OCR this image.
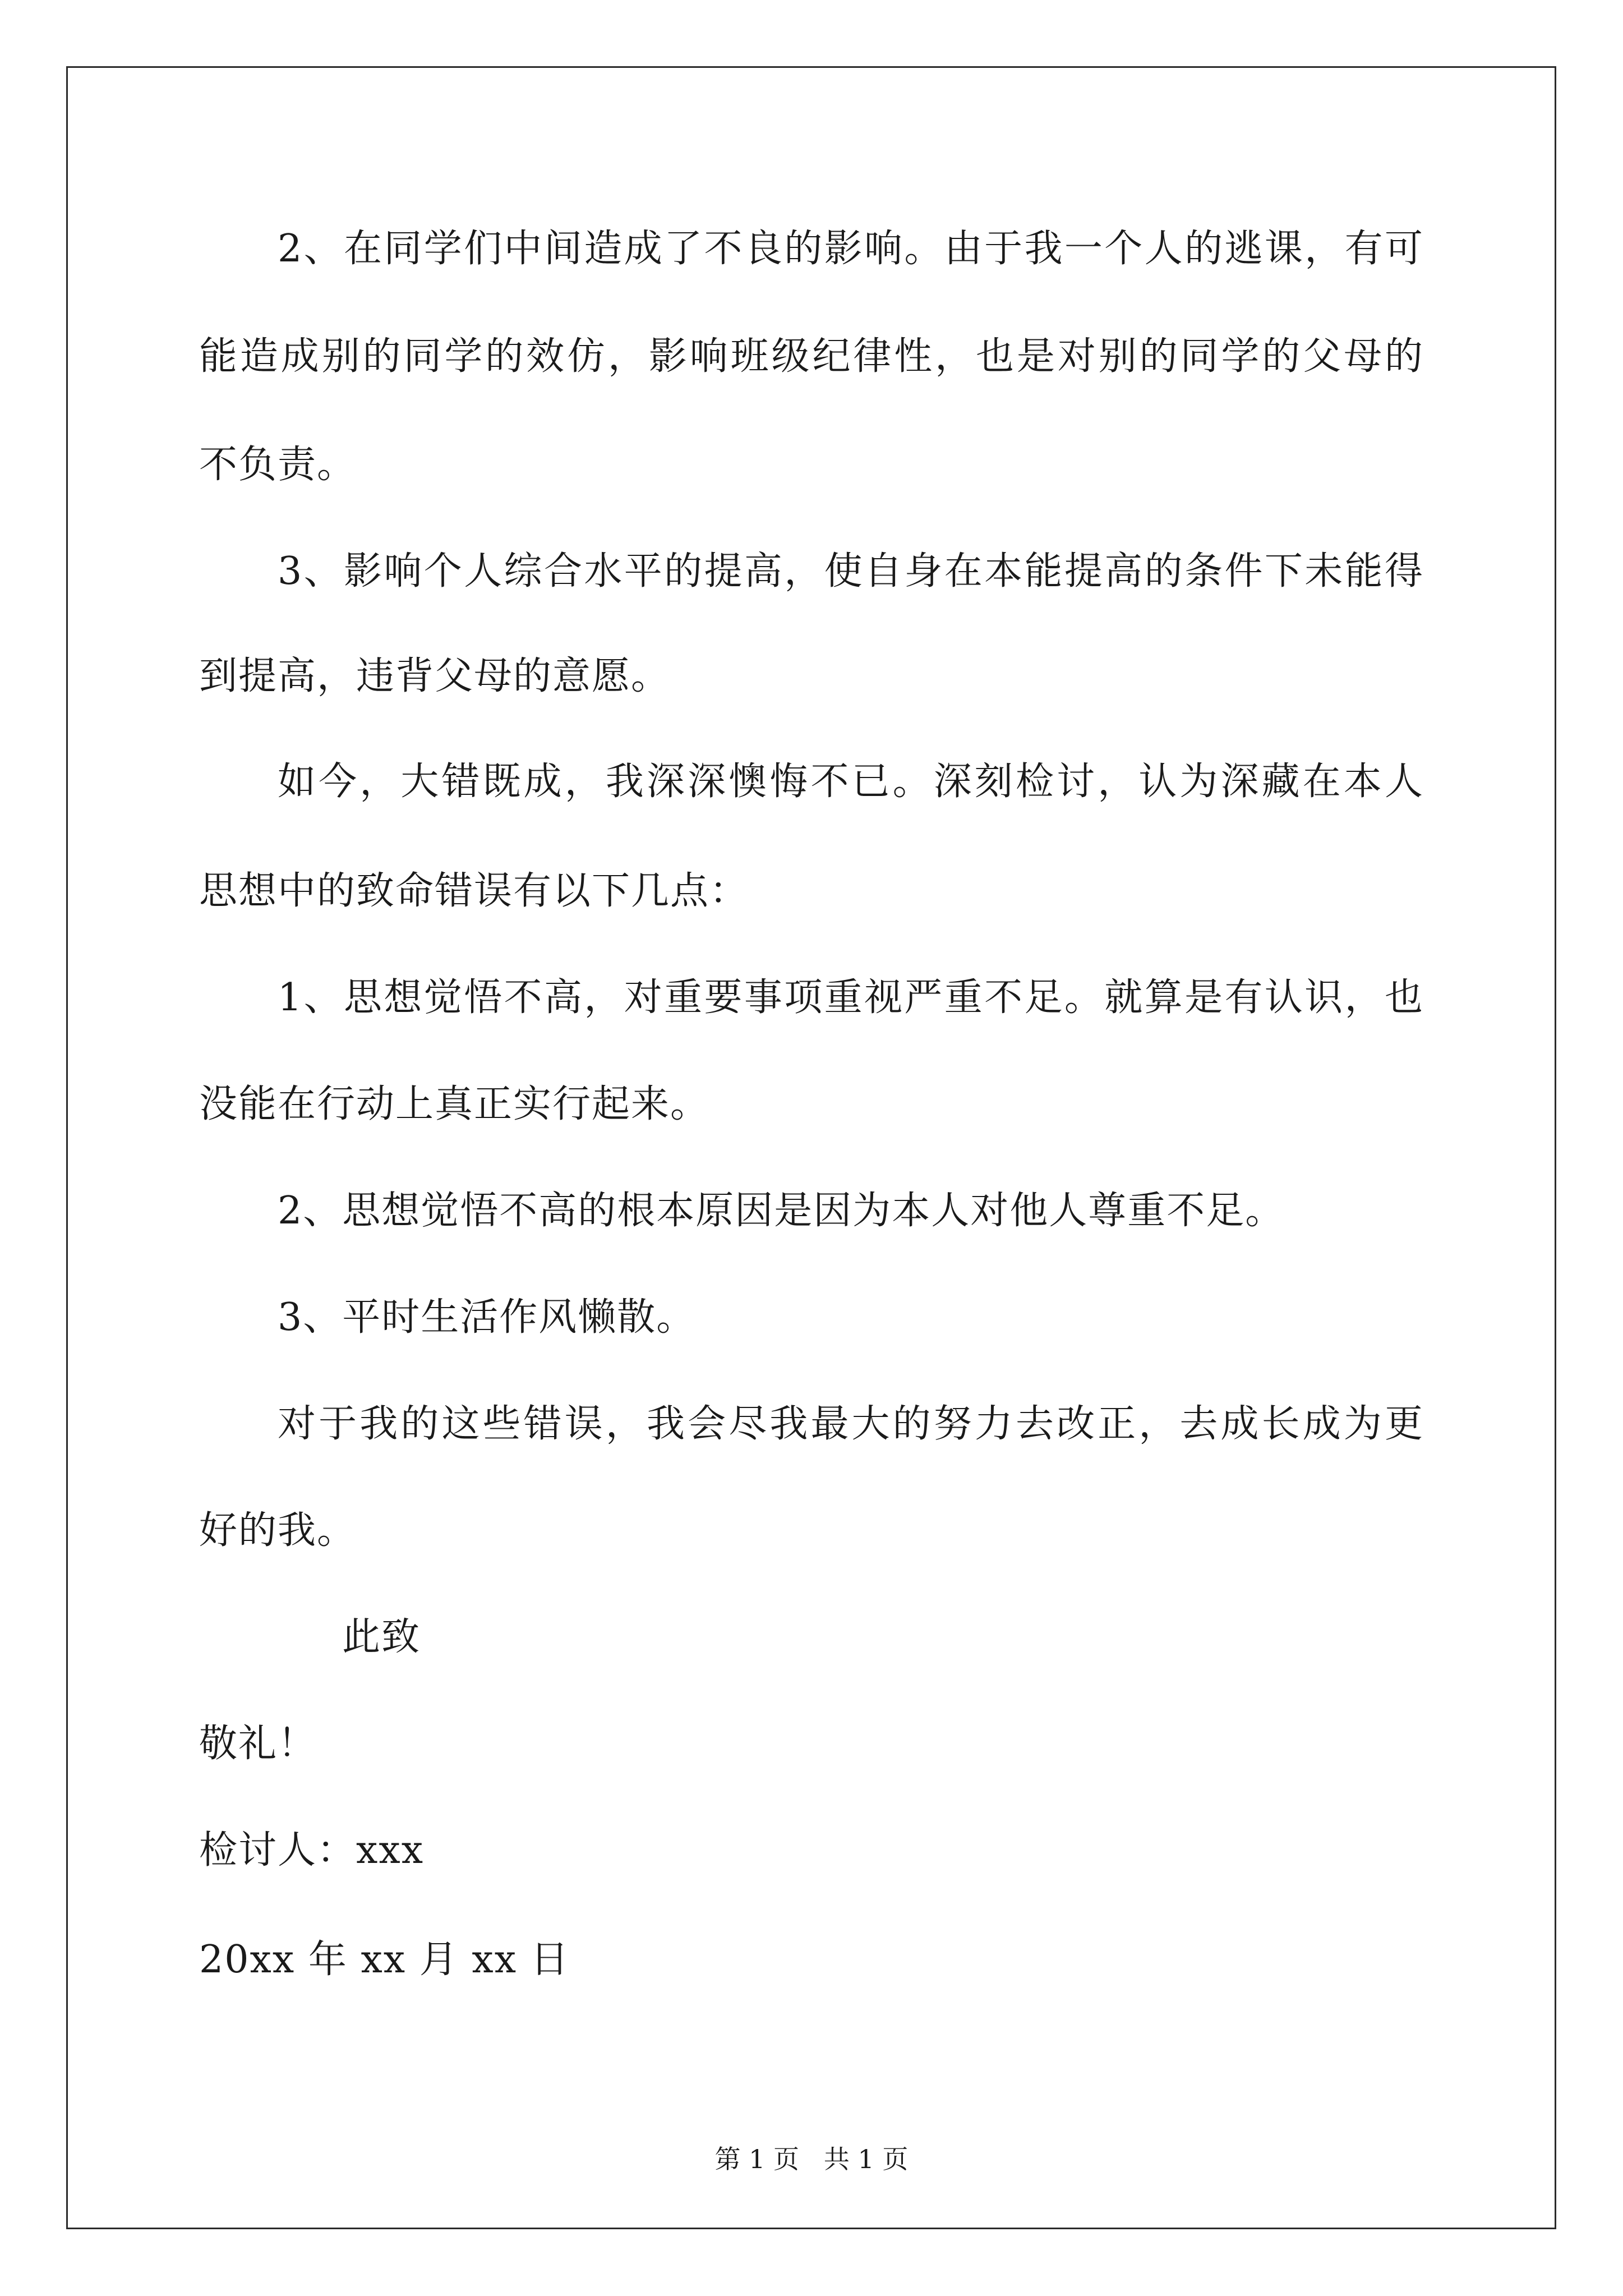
2、在同学们中间造成了不良的影响。由于我一个人的逃课，有可
能造成别的同学的效仿，影响班级纪律性，也是对别的同学的父母的
不负责。
3、影响个人综合水平的提高，使自身在本能提高的条件下未能得
到提高，违背父母的意愿。
如今，大错既成，我深深懊悔不已。深刻检讨，认为深藏在本人
思想中的致命错误有以下几点：
1、思想觉悟不高，对重要事项重视严重不足。就算是有认识，也
没能在行动上真正实行起来。
2、思想觉悟不高的根本原因是因为本人对他人尊重不足。
3、平时生活作风懒散。
对于我的这些错误，我会尽我最大的努力去改正，去成长成为更
好的我。
此致
敬礼！
检讨人：xxx
20xx 年 xx 月 xx 日
第 1 页   共 1 页
